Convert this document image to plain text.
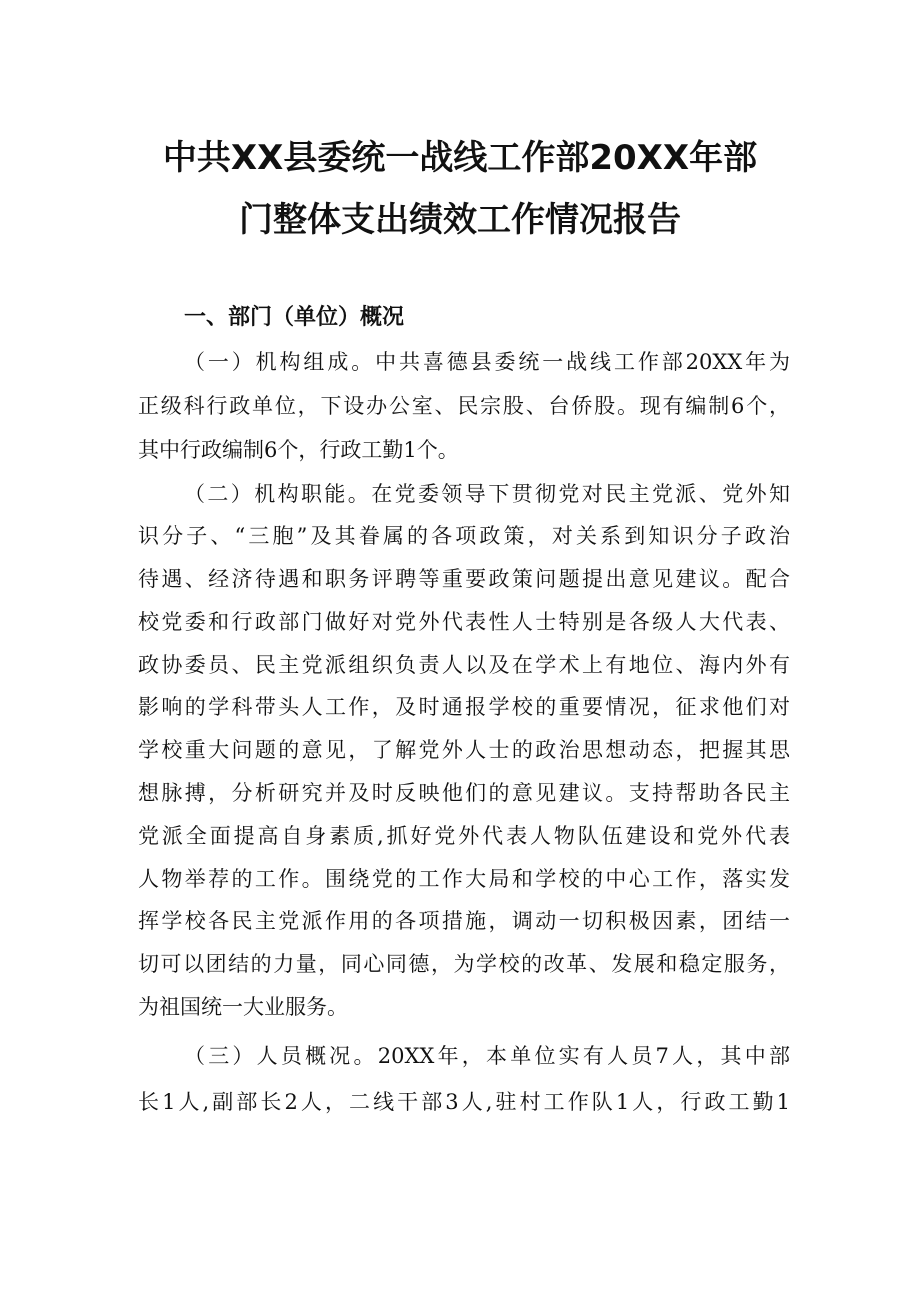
中共XX县委统一战线工作部20XX年部
门整体支出绩效工作情况报告
一、部门（单位）概况
（一）机构组成。中共喜德县委统一战线工作部20XX年为
正级科行政单位，下设办公室、民宗股、台侨股。现有编制6个，
其中行政编制6个，行政工勤1个。
（二）机构职能。在党委领导下贯彻党对民主党派、党外知
识分子、“三胞”及其眷属的各项政策，对关系到知识分子政治
待遇、经济待遇和职务评聘等重要政策问题提出意见建议。配合
校党委和行政部门做好对党外代表性人士特别是各级人大代表、
政协委员、民主党派组织负责人以及在学术上有地位、海内外有
影响的学科带头人工作，及时通报学校的重要情况，征求他们对
学校重大问题的意见，了解党外人士的政治思想动态，把握其思
想脉搏，分析研究并及时反映他们的意见建议。支持帮助各民主
党派全面提高自身素质,抓好党外代表人物队伍建设和党外代表
人物举荐的工作。围绕党的工作大局和学校的中心工作，落实发
挥学校各民主党派作用的各项措施，调动一切积极因素，团结一
切可以团结的力量，同心同德，为学校的改革、发展和稳定服务，
为祖国统一大业服务。
（三）人员概况。20XX年，本单位实有人员7人，其中部
长1人,副部长2人，二线干部3人,驻村工作队1人，行政工勤1
